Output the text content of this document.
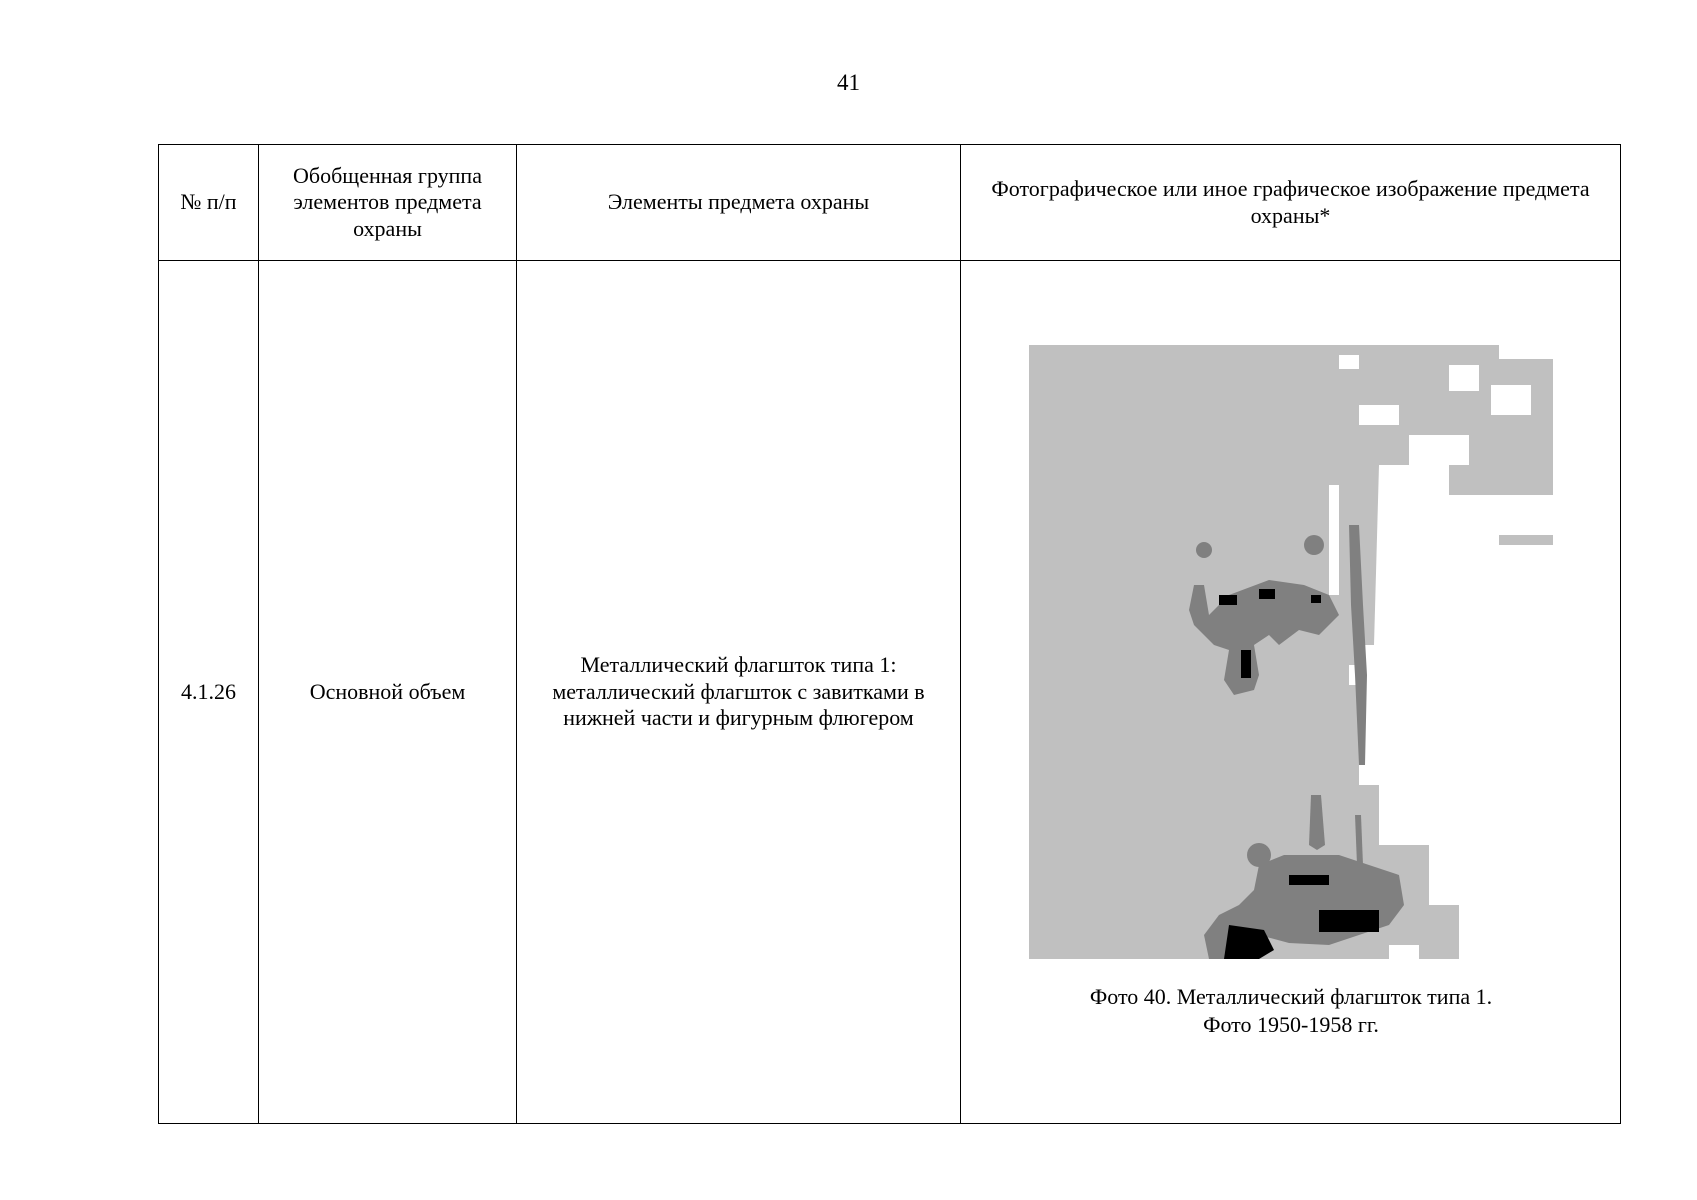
41
№ п/п	Обобщенная группа элементов предмета охраны	Элементы предмета охраны	Фотографическое или иное графическое изображение предмета охраны*
4.1.26	Основной объем	Металлический флагшток типа 1: металлический флагшток с завитками в нижней части и фигурным флюгером	Фото 40. Металлический флагшток типа 1.
Фото 1950-1958 гг.
